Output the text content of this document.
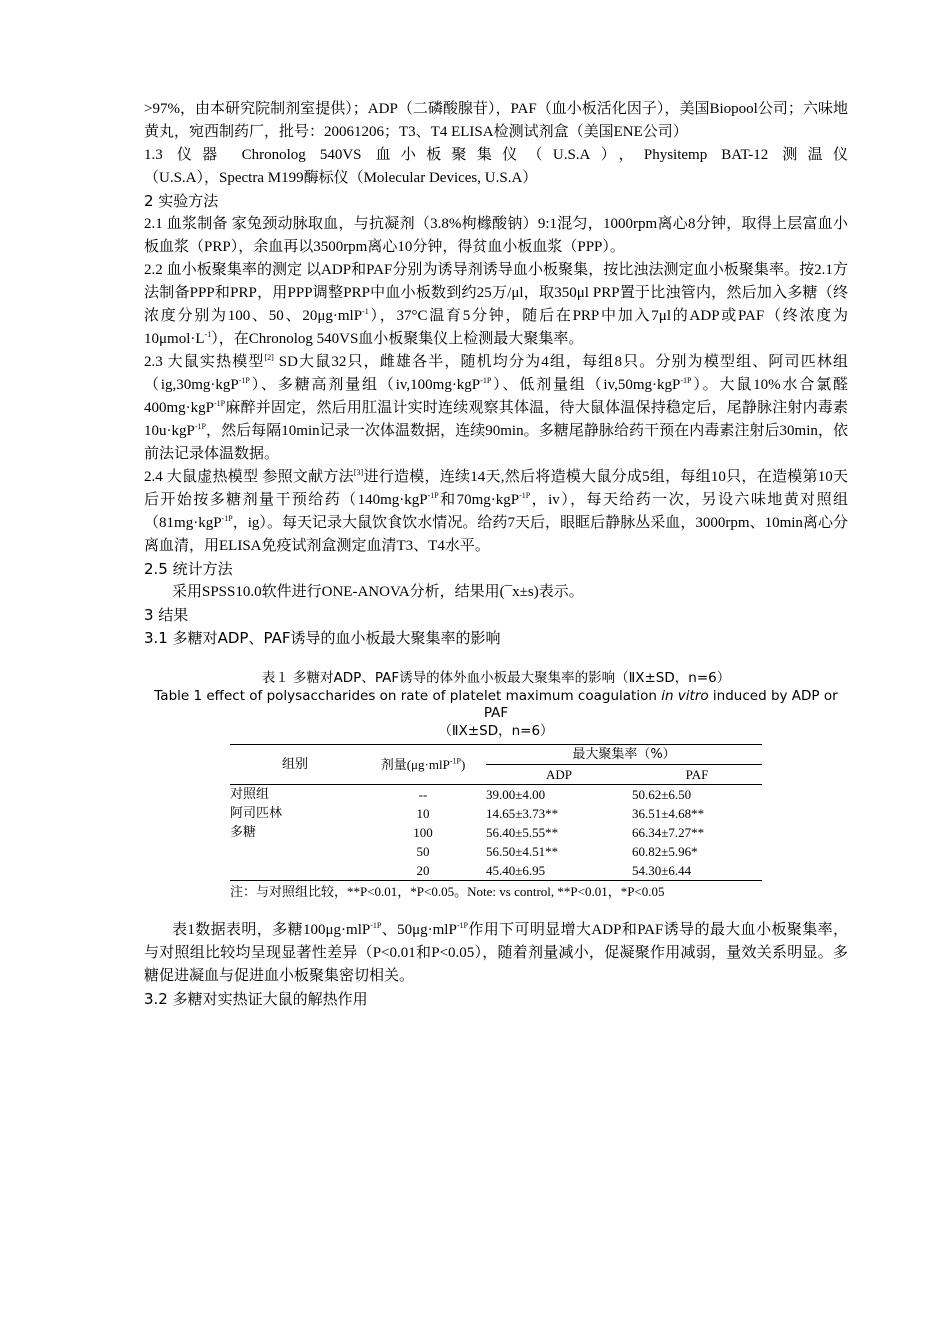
>97%，由本研究院制剂室提供）；ADP（二磷酸腺苷），PAF（血小板活化因子），美国Biopool公司；六味地黄丸，宛西制药厂，批号：20061206；T3、T4 ELISA检测试剂盒（美国ENE公司）

1.3 仪器 Chronolog 540VS 血小板聚集仪（U.S.A），Physitemp BAT-12 测温仪

（U.S.A），Spectra M199酶标仪（Molecular Devices, U.S.A）

2 实验方法

2.1 血浆制备 家兔颈动脉取血，与抗凝剂（3.8%枸橼酸钠）9:1混匀，1000rpm离心8分钟，取得上层富血小板血浆（PRP），余血再以3500rpm离心10分钟，得贫血小板血浆（PPP）。

2.2 血小板聚集率的测定 以ADP和PAF分别为诱导剂诱导血小板聚集，按比浊法测定血小板聚集率。按2.1方法制备PPP和PRP，用PPP调整PRP中血小板数到约25万/μl，取350μl PRP置于比浊管内，然后加入多糖（终浓度分别为100、50、20μg·mlP$^{-1}$），37°C温育5分钟，随后在PRP中加入7μl的ADP或PAF（终浓度为$10\mu mol\cdot L^{-1}$），在Chronolog 540VS血小板聚集仪上检测最大聚集率。

2.3 大鼠实热模型[2] SD大鼠32只，雌雄各半，随机均分为4组，每组8只。分别为模型组、阿司匹林组（ig,30mg·kgP$^{-1P}$）、多糖高剂量组（iv,100mg·kgP$^{-1P}$）、低剂量组（iv,50mg·kgP$^{-1P}$）。大鼠10%水合氯醛400mg·kgP$^{-1P}$麻醉并固定，然后用肛温计实时连续观察其体温，待大鼠体温保持稳定后，尾静脉注射内毒素10u·kgP$^{-1P}$，然后每隔10min记录一次体温数据，连续90min。多糖尾静脉给药干预在内毒素注射后30min，依前法记录体温数据。

2.4 大鼠虚热模型 参照文献方法[3]进行造模，连续14天,然后将造模大鼠分成5组，每组10只，在造模第10天后开始按多糖剂量干预给药（140mg·kgP$^{-1P}$和70mg·kgP$^{-1P}$，iv），每天给药一次，另设六味地黄对照组（81mg·kgP$^{-1P}$，ig）。每天记录大鼠饮食饮水情况。给药7天后，眼眶后静脉丛采血，3000rpm、10min离心分离血清，用ELISA免疫试剂盒测定血清T3、T4水平。

2.5 统计方法

采用SPSS10.0软件进行ONE-ANOVA分析，结果用(¯x±s)表示。

3 结果

3.1 多糖对ADP、PAF诱导的血小板最大聚集率的影响

表１ 多糖对ADP、PAF诱导的体外血小板最大聚集率的影响（ⅡX±SD，n=6）
Table 1 effect of polysaccharides on rate of platelet maximum coagulation in vitro induced by ADP or PAF
（ⅡX±SD，n=6）
组别	剂量(μg·mlP$^{-1P}$)	最大聚集率（%）	
		ADP	PAF
对照组	--	39.00±4.00	50.62±6.50
阿司匹林	10	14.65±3.73**	36.51±4.68**
多糖	100	56.40±5.55**	66.34±7.27**
	50	56.50±4.51**	60.82±5.96*
	20	45.40±6.95	54.30±6.44
注：与对照组比较，**P<0.01，*P<0.05。Note: vs control, **P<0.01，*P<0.05

表1数据表明，多糖100μg·mlP$^{-1P}$、50μg·mlP$^{-1P}$作用下可明显增大ADP和PAF诱导的最大血小板聚集率，与对照组比较均呈现显著性差异（P<0.01和P<0.05），随着剂量减小，促凝聚作用减弱，量效关系明显。多糖促进凝血与促进血小板聚集密切相关。

3.2 多糖对实热证大鼠的解热作用
